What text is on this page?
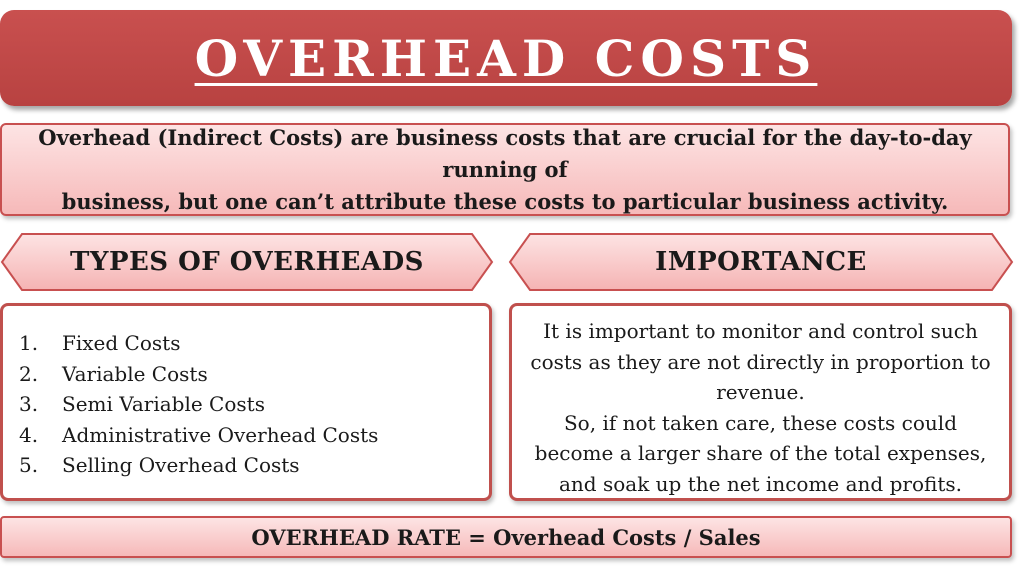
OVERHEAD COSTS
Overhead (Indirect Costs) are business costs that are crucial for the day-to-day running of
business, but one can’t attribute these costs to particular business activity.
TYPES OF OVERHEADS	IMPORTANCE
1.	Fixed Costs
2.	Variable Costs
3.	Semi Variable Costs
4.	Administrative Overhead Costs
5.	Selling Overhead Costs

It is important to monitor and control such costs as they are not directly in proportion to revenue.

So, if not taken care, these costs could become a larger share of the total expenses, and soak up the net income and profits.

OVERHEAD RATE = Overhead Costs / Sales
